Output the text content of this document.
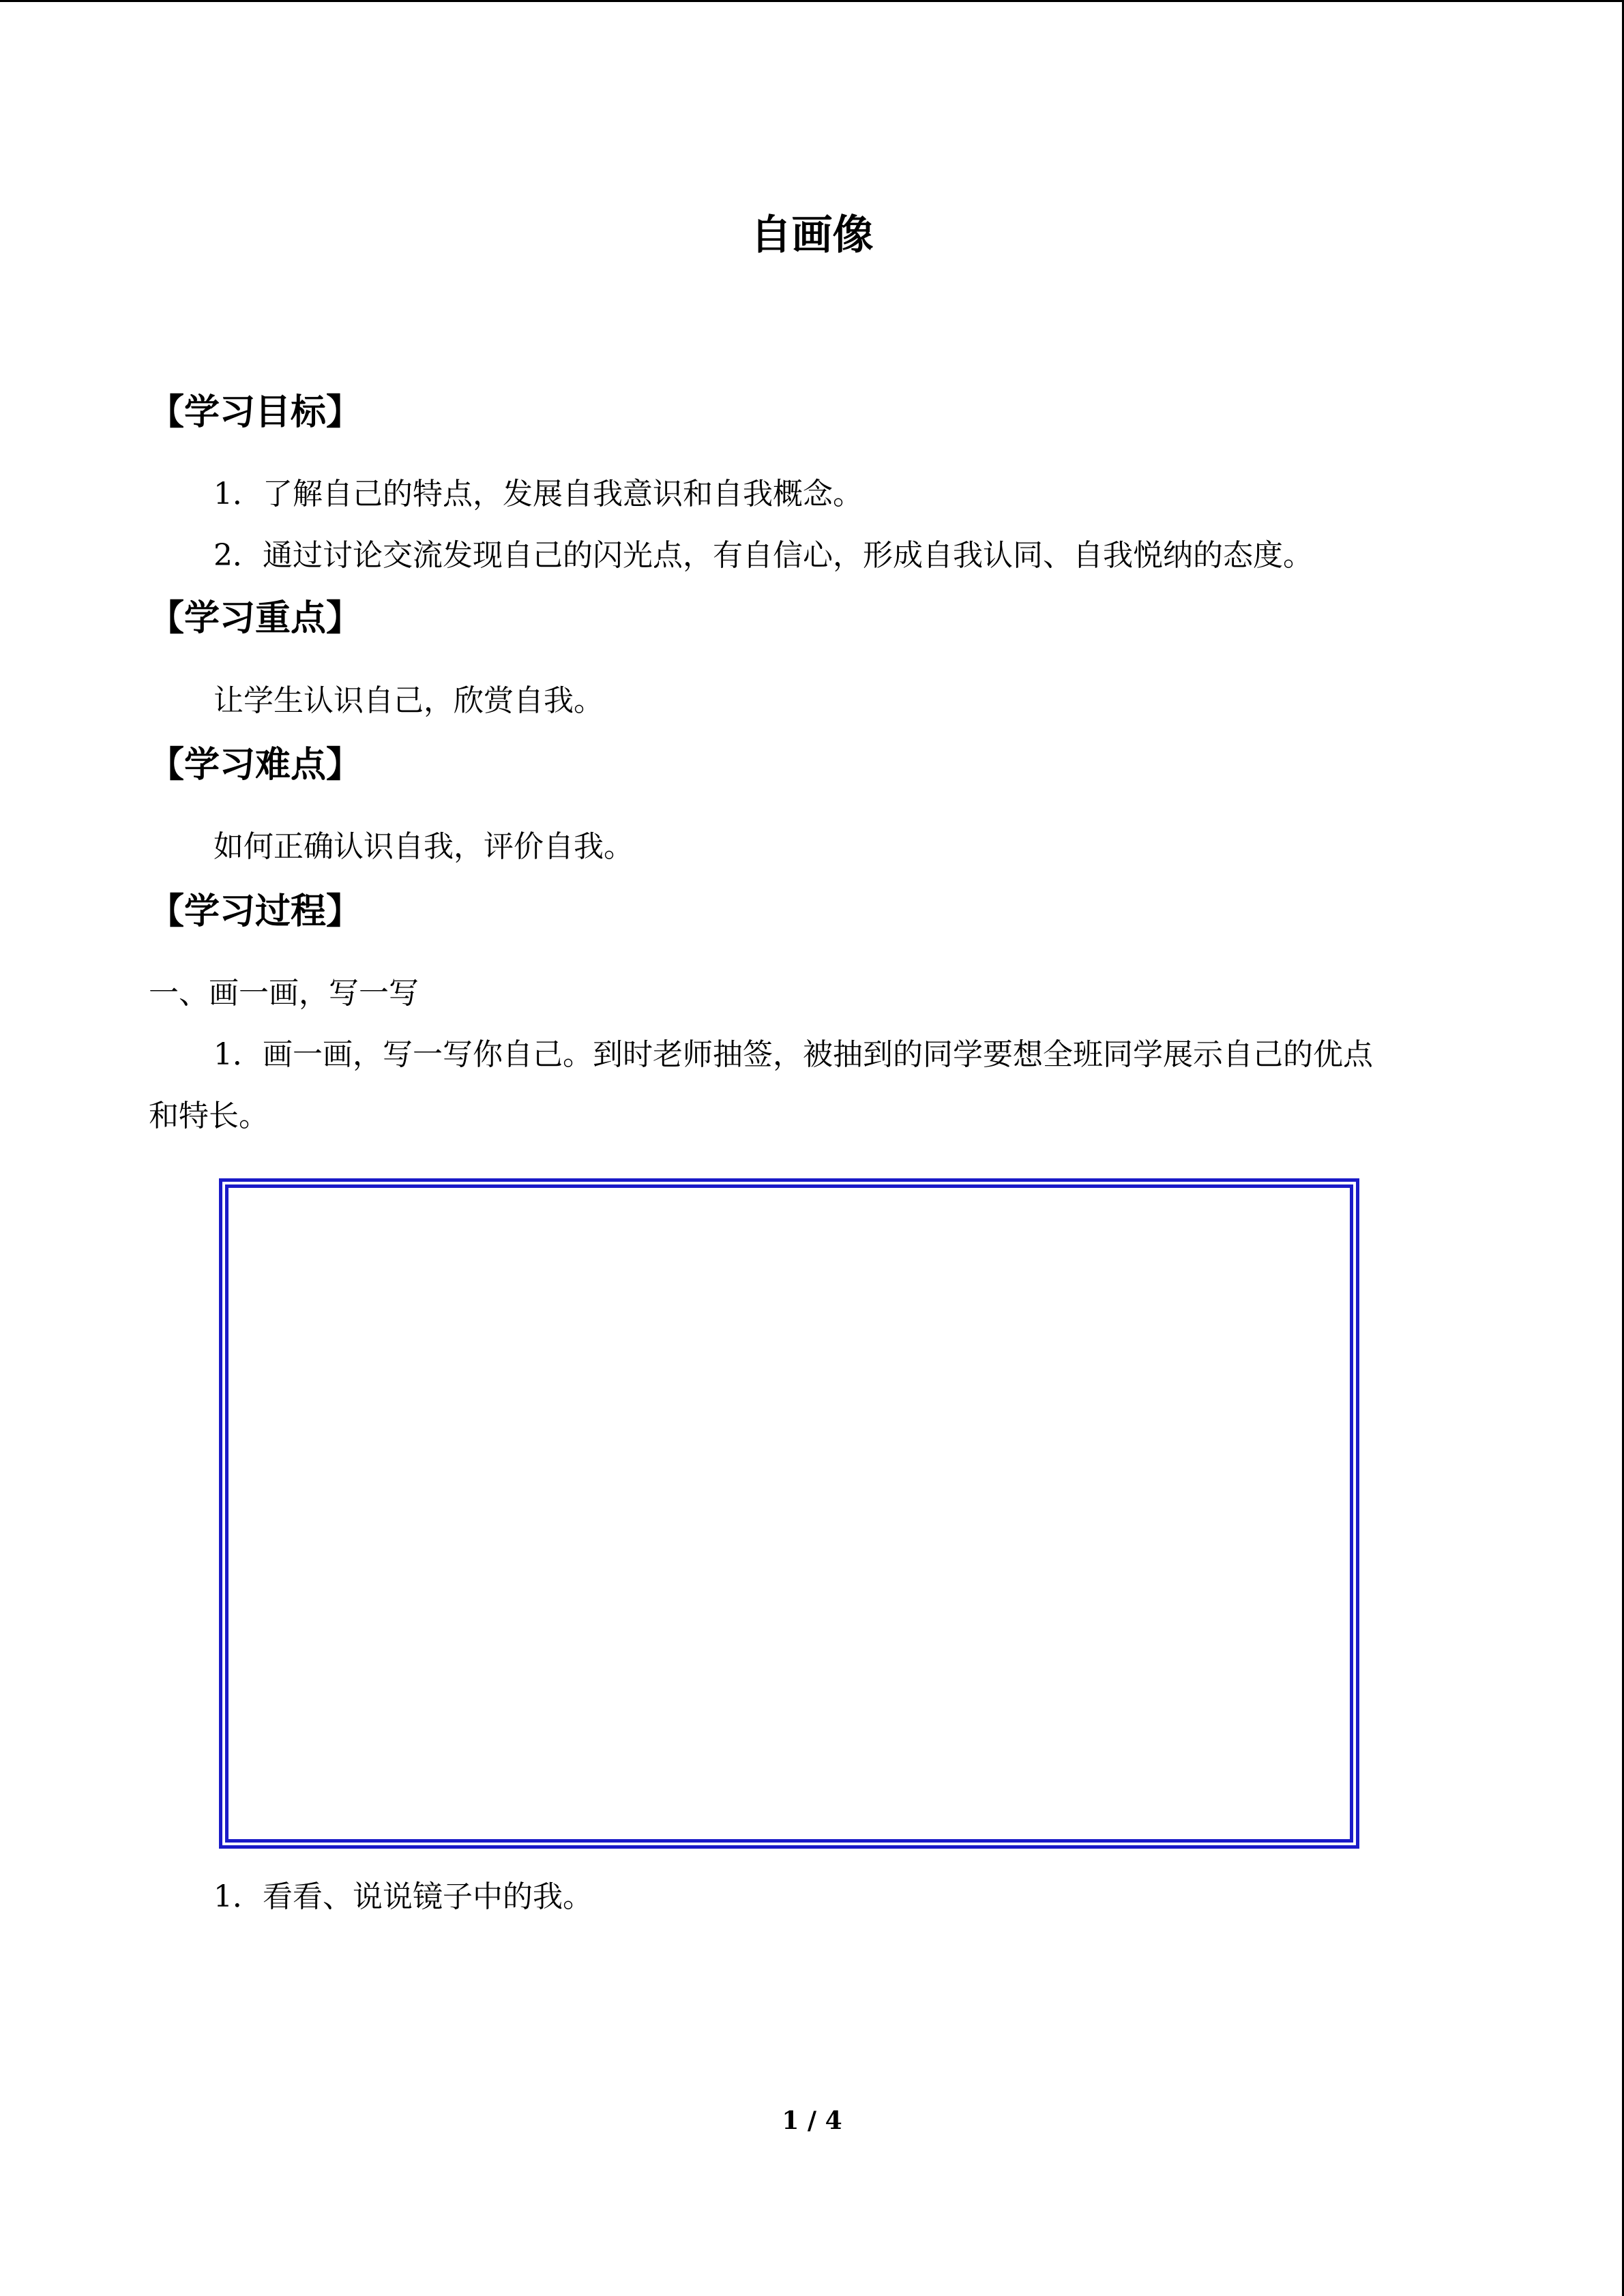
自画像
【学习目标】
1．了解自己的特点，发展自我意识和自我概念。
2．通过讨论交流发现自己的闪光点，有自信心，形成自我认同、自我悦纳的态度。
【学习重点】
让学生认识自己，欣赏自我。
【学习难点】
如何正确认识自我，评价自我。
【学习过程】
一、画一画，写一写
1．画一画，写一写你自己。到时老师抽签，被抽到的同学要想全班同学展示自己的优点
和特长。
1．看看、说说镜子中的我。
1 / 4
